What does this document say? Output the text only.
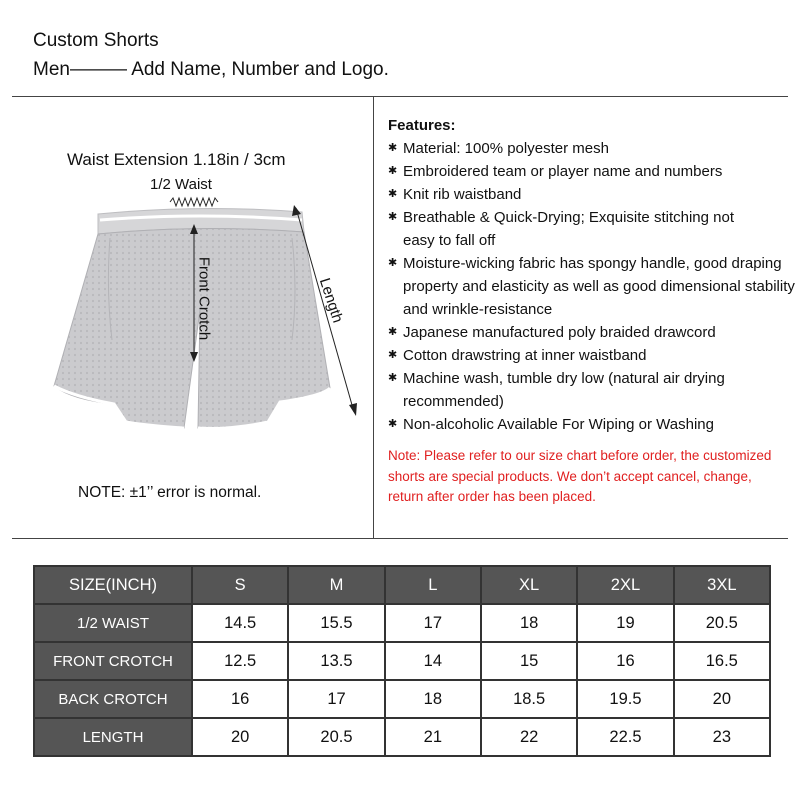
Custom Shorts
Men——— Add Name, Number and Logo.
Waist Extension 1.18in / 3cm
1/2 Waist
Front Crotch	Length
NOTE: ±1’’ error is normal.
Features:
✱ Material: 100% polyester mesh
✱ Embroidered team or player name and numbers
✱ Knit rib waistband
✱ Breathable & Quick-Drying; Exquisite stitching not easy to fall off
✱ Moisture-wicking fabric has spongy handle, good draping property and elasticity as well as good dimensional stability and wrinkle-resistance
✱ Japanese manufactured poly braided drawcord
✱ Cotton drawstring at inner waistband
✱ Machine wash, tumble dry low (natural air drying recommended)
✱ Non-alcoholic Available For Wiping or Washing
Note: Please refer to our size chart before order, the customized shorts are special products. We don’t accept cancel, change, return after order has been placed.
SIZE(INCH)	S	M	L	XL	2XL	3XL
1/2 WAIST	14.5	15.5	17	18	19	20.5
FRONT CROTCH	12.5	13.5	14	15	16	16.5
BACK CROTCH	16	17	18	18.5	19.5	20
LENGTH	20	20.5	21	22	22.5	23
